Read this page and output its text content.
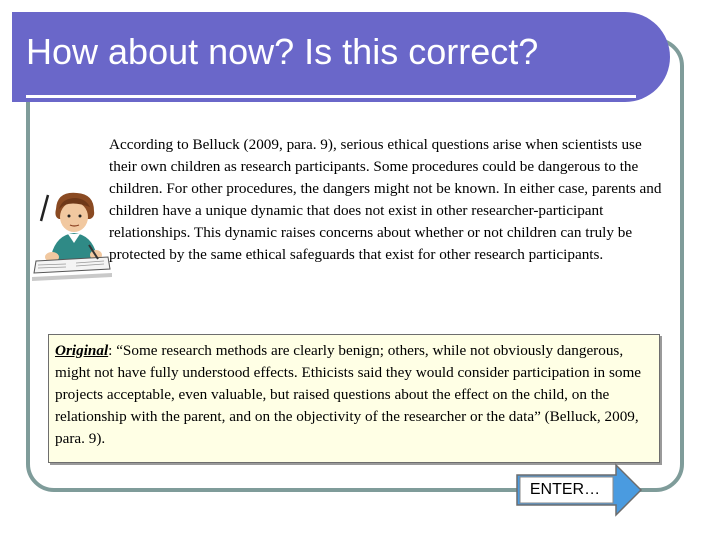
How about now? Is this correct?

According to Belluck (2009, para. 9), serious ethical questions arise when scientists use their own children as research participants. Some procedures could be dangerous to the children. For other procedures, the dangers might not be known. In either case, parents and children have a unique dynamic that does not exist in other researcher-participant relationships. This dynamic raises concerns about whether or not children can truly be protected by the same ethical safeguards that exist for other research participants.

Original: “Some research methods are clearly benign; others, while not obviously dangerous, might not have fully understood effects. Ethicists said they would consider participation in some projects acceptable, even valuable, but raised questions about the effect on the child, on the relationship with the parent, and on the objectivity of the researcher or the data” (Belluck, 2009, para. 9).

ENTER…
